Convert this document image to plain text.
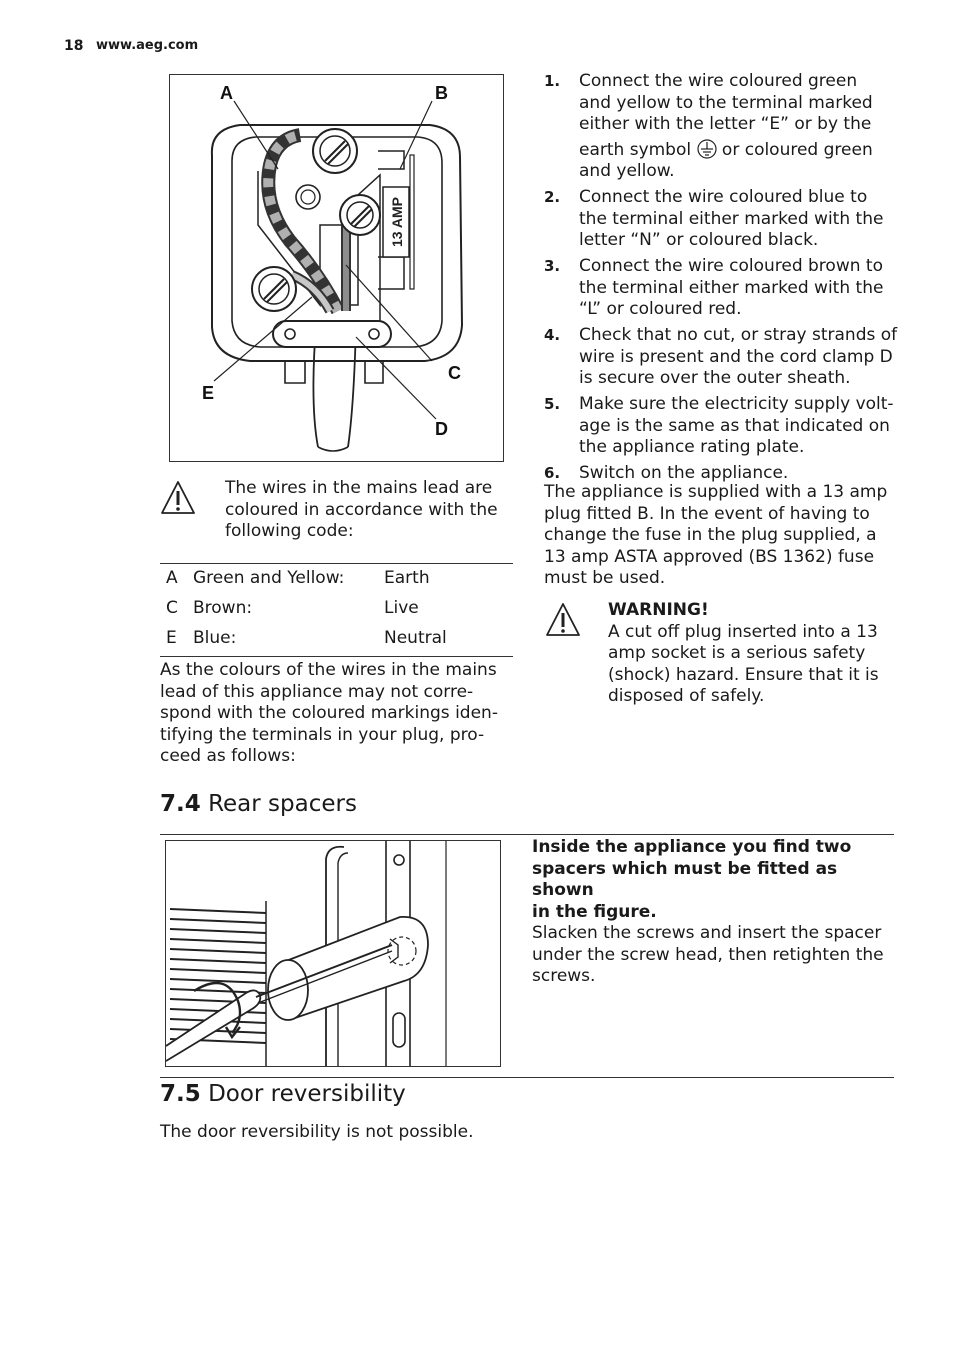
18 www.aeg.com
13 AMP
A	B
C
D
E
The wires in the mains lead are coloured in accordance with the following code:
A Green and Yellow: Earth
C Brown:	Live
E Blue:	Neutral
As the colours of the wires in the mains
lead of this appliance may not corre-
spond with the coloured markings iden-
tifying the terminals in your plug, pro-
ceed as follows:
1. Connect the wire coloured green
and yellow to the terminal marked
either with the letter “E” or by the
earth symbol or coloured green
and yellow.
2. Connect the wire coloured blue to
the terminal either marked with the
letter “N” or coloured black.
3. Connect the wire coloured brown to
the terminal either marked with the
“L” or coloured red.
4. Check that no cut, or stray strands of
wire is present and the cord clamp D
is secure over the outer sheath.
5. Make sure the electricity supply volt-
age is the same as that indicated on
the appliance rating plate.
6. Switch on the appliance.
The appliance is supplied with a 13 amp
plug fitted B. In the event of having to
change the fuse in the plug supplied, a
13 amp ASTA approved (BS 1362) fuse
must be used.
WARNING!
A cut off plug inserted into a 13
amp socket is a serious safety
(shock) hazard. Ensure that it is
disposed of safely.
7.4 Rear spacers
Inside the appliance you find two
spacers which must be fitted as shown
in the figure.
Slacken the screws and insert the spacer
under the screw head, then retighten the
screws.
7.5 Door reversibility
The door reversibility is not possible.
